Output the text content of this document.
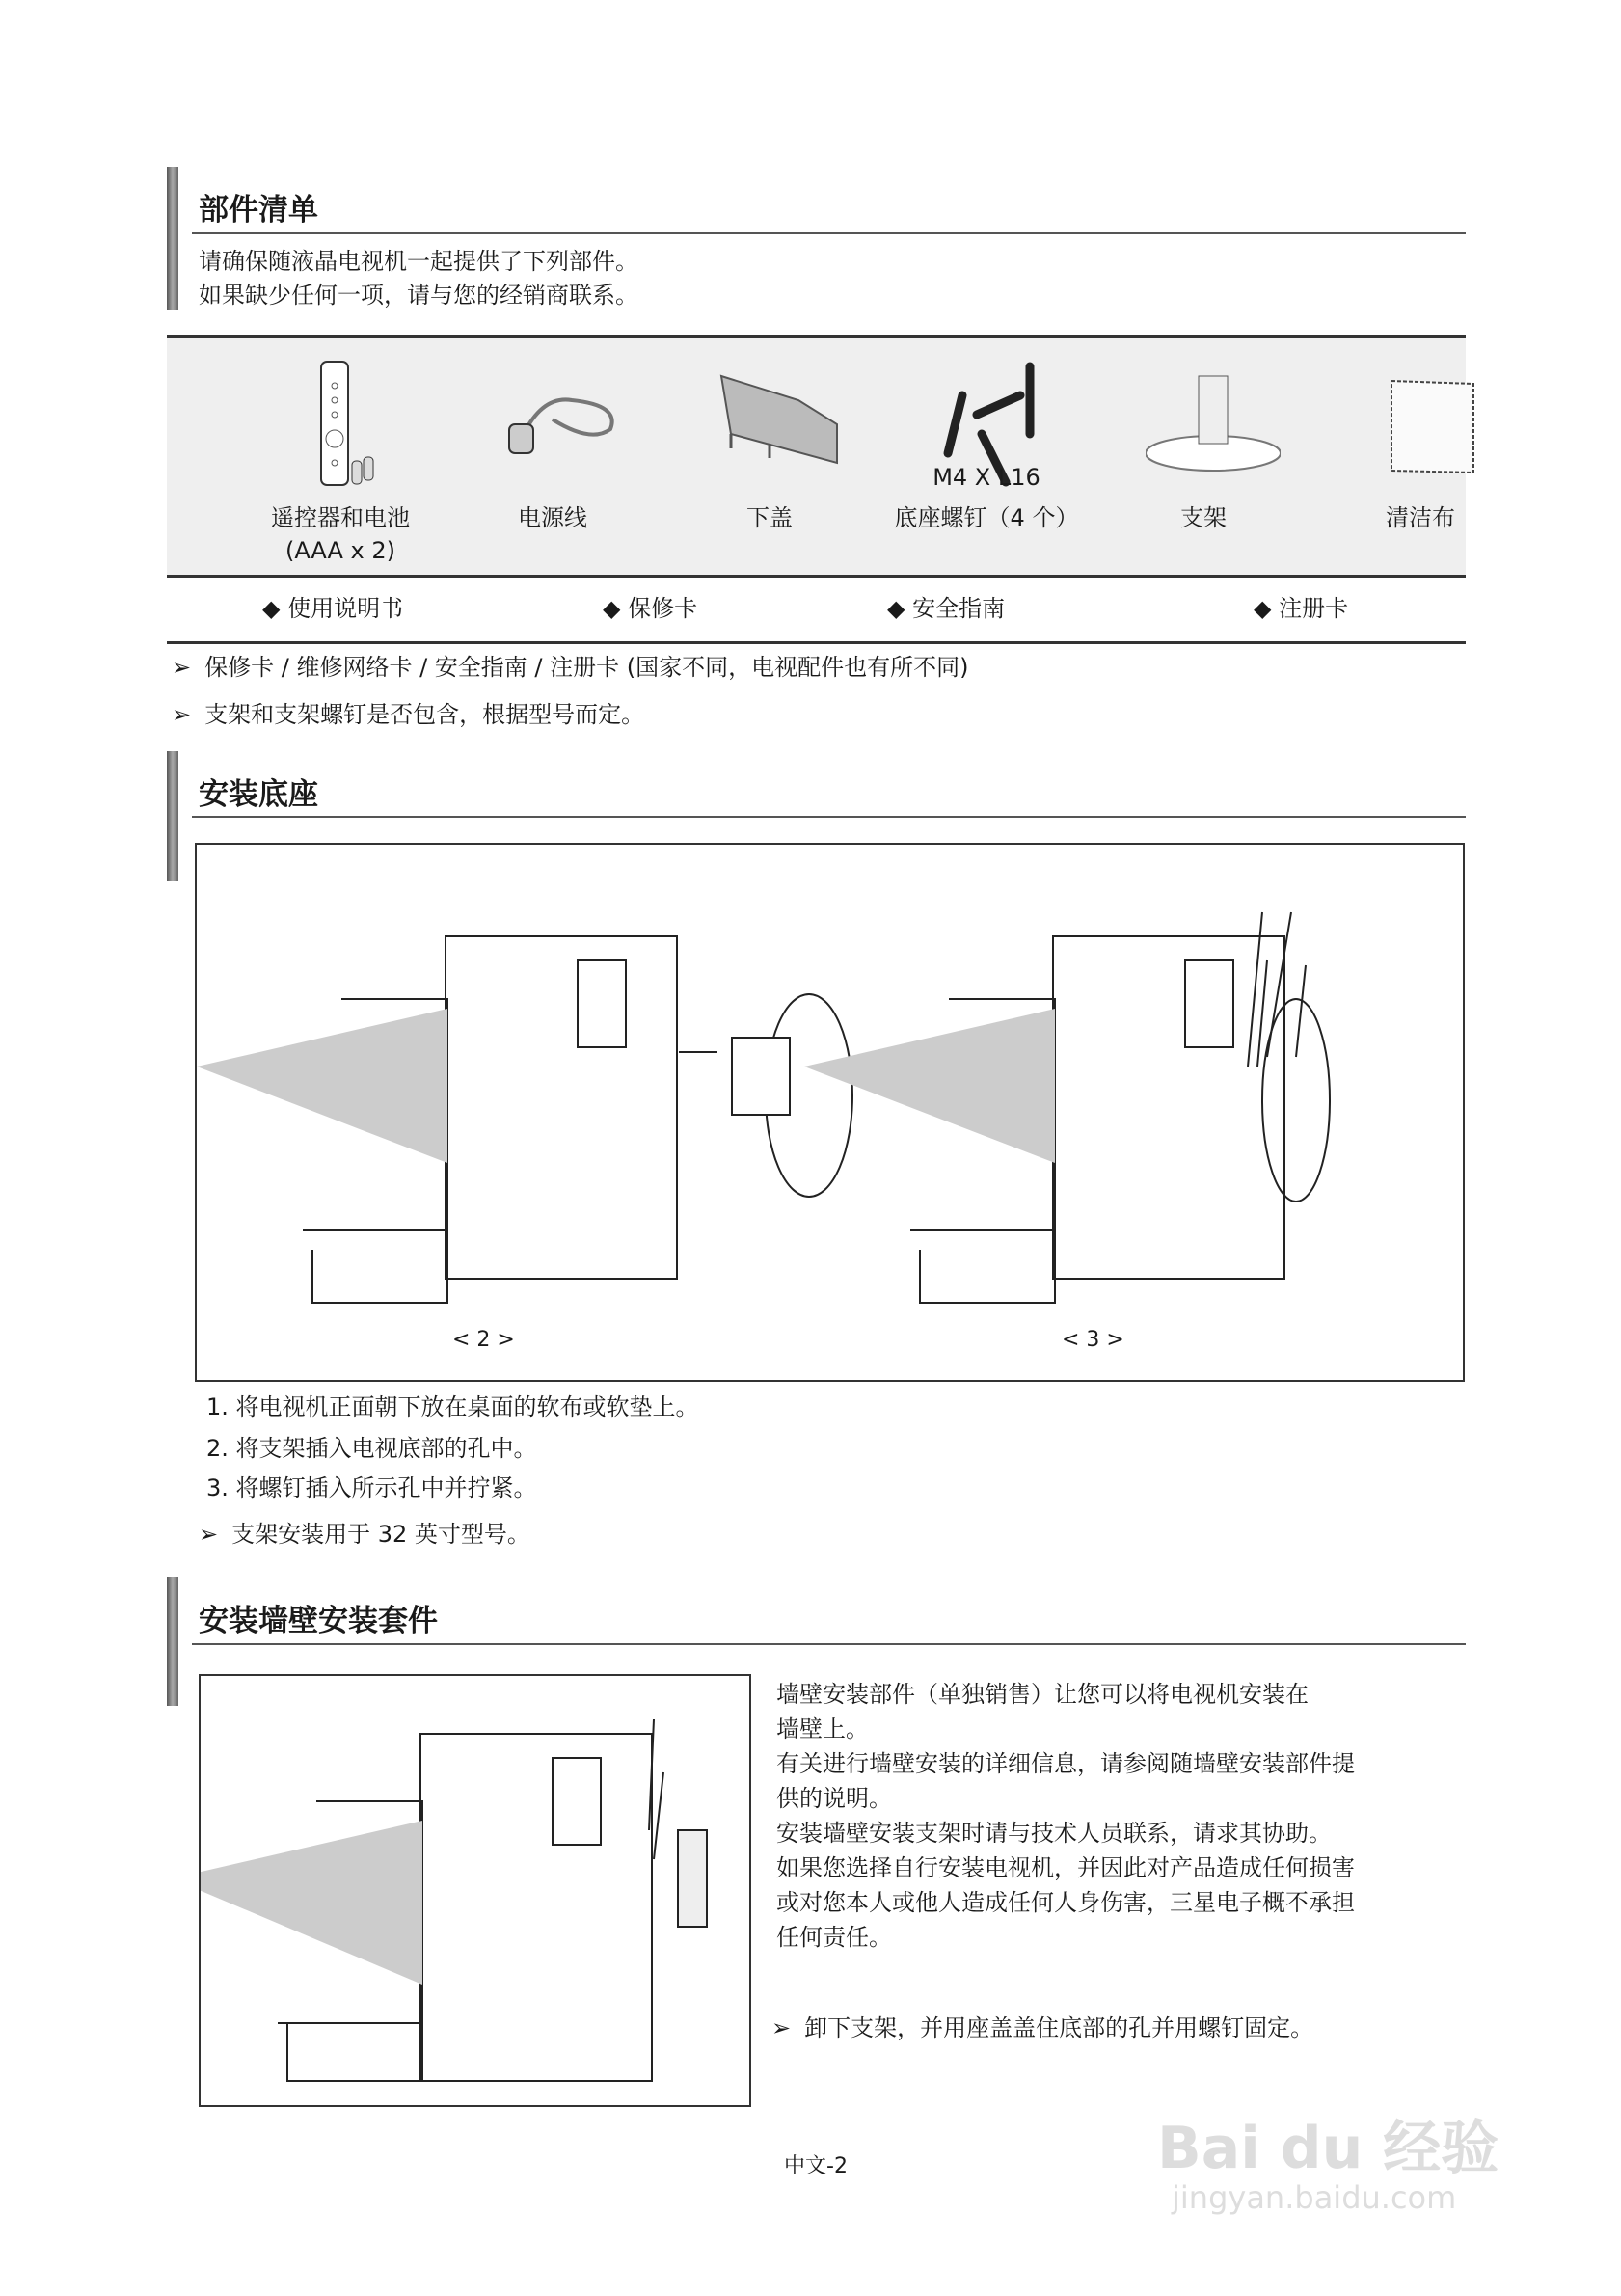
部件清单
请确保随液晶电视机一起提供了下列部件。
如果缺少任何一项，请与您的经销商联系。
遥控器和电池
(AAA x 2)
电源线	下盖
M4 X L16
底座螺钉（4 个）	支架	清洁布
◆ 使用说明书	◆ 保修卡	◆ 安全指南	◆ 注册卡
➢ 保修卡 / 维修网络卡 / 安全指南 / 注册卡 (国家不同，电视配件也有所不同)
➢ 支架和支架螺钉是否包含，根据型号而定。
安装底座
< 2 >	< 3 >
1. 将电视机正面朝下放在桌面的软布或软垫上。
2. 将支架插入电视底部的孔中。
3. 将螺钉插入所示孔中并拧紧。
➢ 支架安装用于 32 英寸型号。
安装墙壁安装套件
墙壁安装部件（单独销售）让您可以将电视机安装在
墙壁上。
有关进行墙壁安装的详细信息，请参阅随墙壁安装部件提
供的说明。
安装墙壁安装支架时请与技术人员联系，请求其协助。
如果您选择自行安装电视机，并因此对产品造成任何损害
或对您本人或他人造成任何人身伤害，三星电子概不承担
任何责任。
➢ 卸下支架，并用座盖盖住底部的孔并用螺钉固定。
中文-2	Bai du 经验
jingyan.baidu.com
